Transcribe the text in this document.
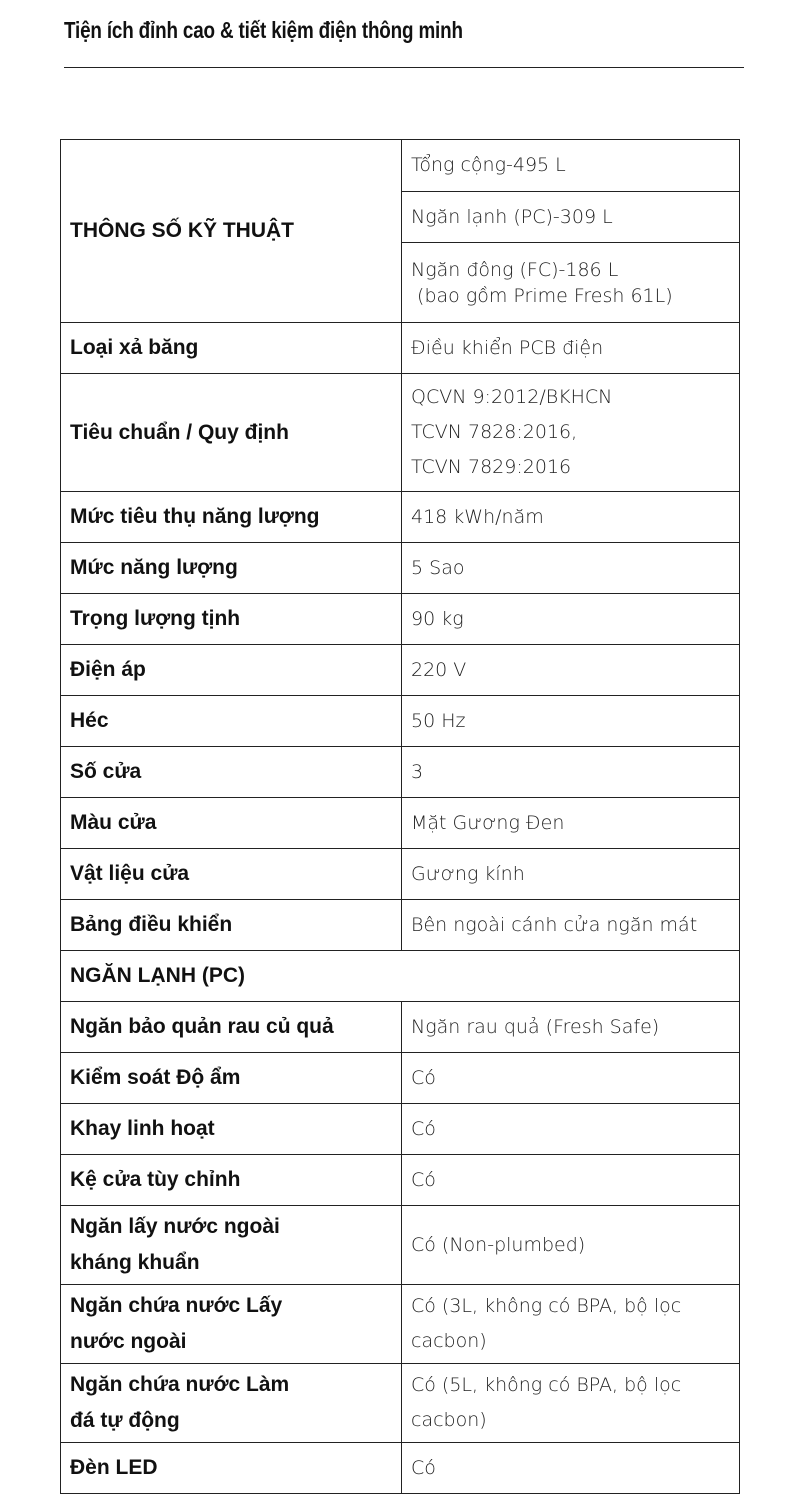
Tiện ích đỉnh cao & tiết kiệm điện thông minh
THÔNG SỐ KỸ THUẬT	Tổng cộng-495 L
	Ngăn lạnh (PC)-309 L

	Ngăn đông (FC)-186 L
(bao gồm Prime Fresh 61L)

Loại xả băng	Điều khiển PCB điện
Tiêu chuẩn / Quy định	QCVN 9:2012/BKHCN
TCVN 7828:2016,
TCVN 7829:2016

Mức tiêu thụ năng lượng	418 kWh/năm
Mức năng lượng	5 Sao
Trọng lượng tịnh	90 kg
Điện áp	220 V
Héc	50 Hz
Số cửa	3
Màu cửa	Mặt Gương Đen
Vật liệu cửa	Gương kính
Bảng điều khiển	Bên ngoài cánh cửa ngăn mát
NGĂN LẠNH (PC)	
Ngăn bảo quản rau củ quả	Ngăn rau quả (Fresh Safe)
Kiểm soát Độ ẩm	Có
Khay linh hoạt	Có
Kệ cửa tùy chỉnh	Có

Ngăn lấy nước ngoài
kháng khuẩn	Có (Non-plumbed)

Ngăn chứa nước Lấy
nước ngoài	Có (3L, không có BPA, bộ lọc
cacbon)

Ngăn chứa nước Làm
đá tự động	Có (5L, không có BPA, bộ lọc
cacbon)

Đèn LED	Có
